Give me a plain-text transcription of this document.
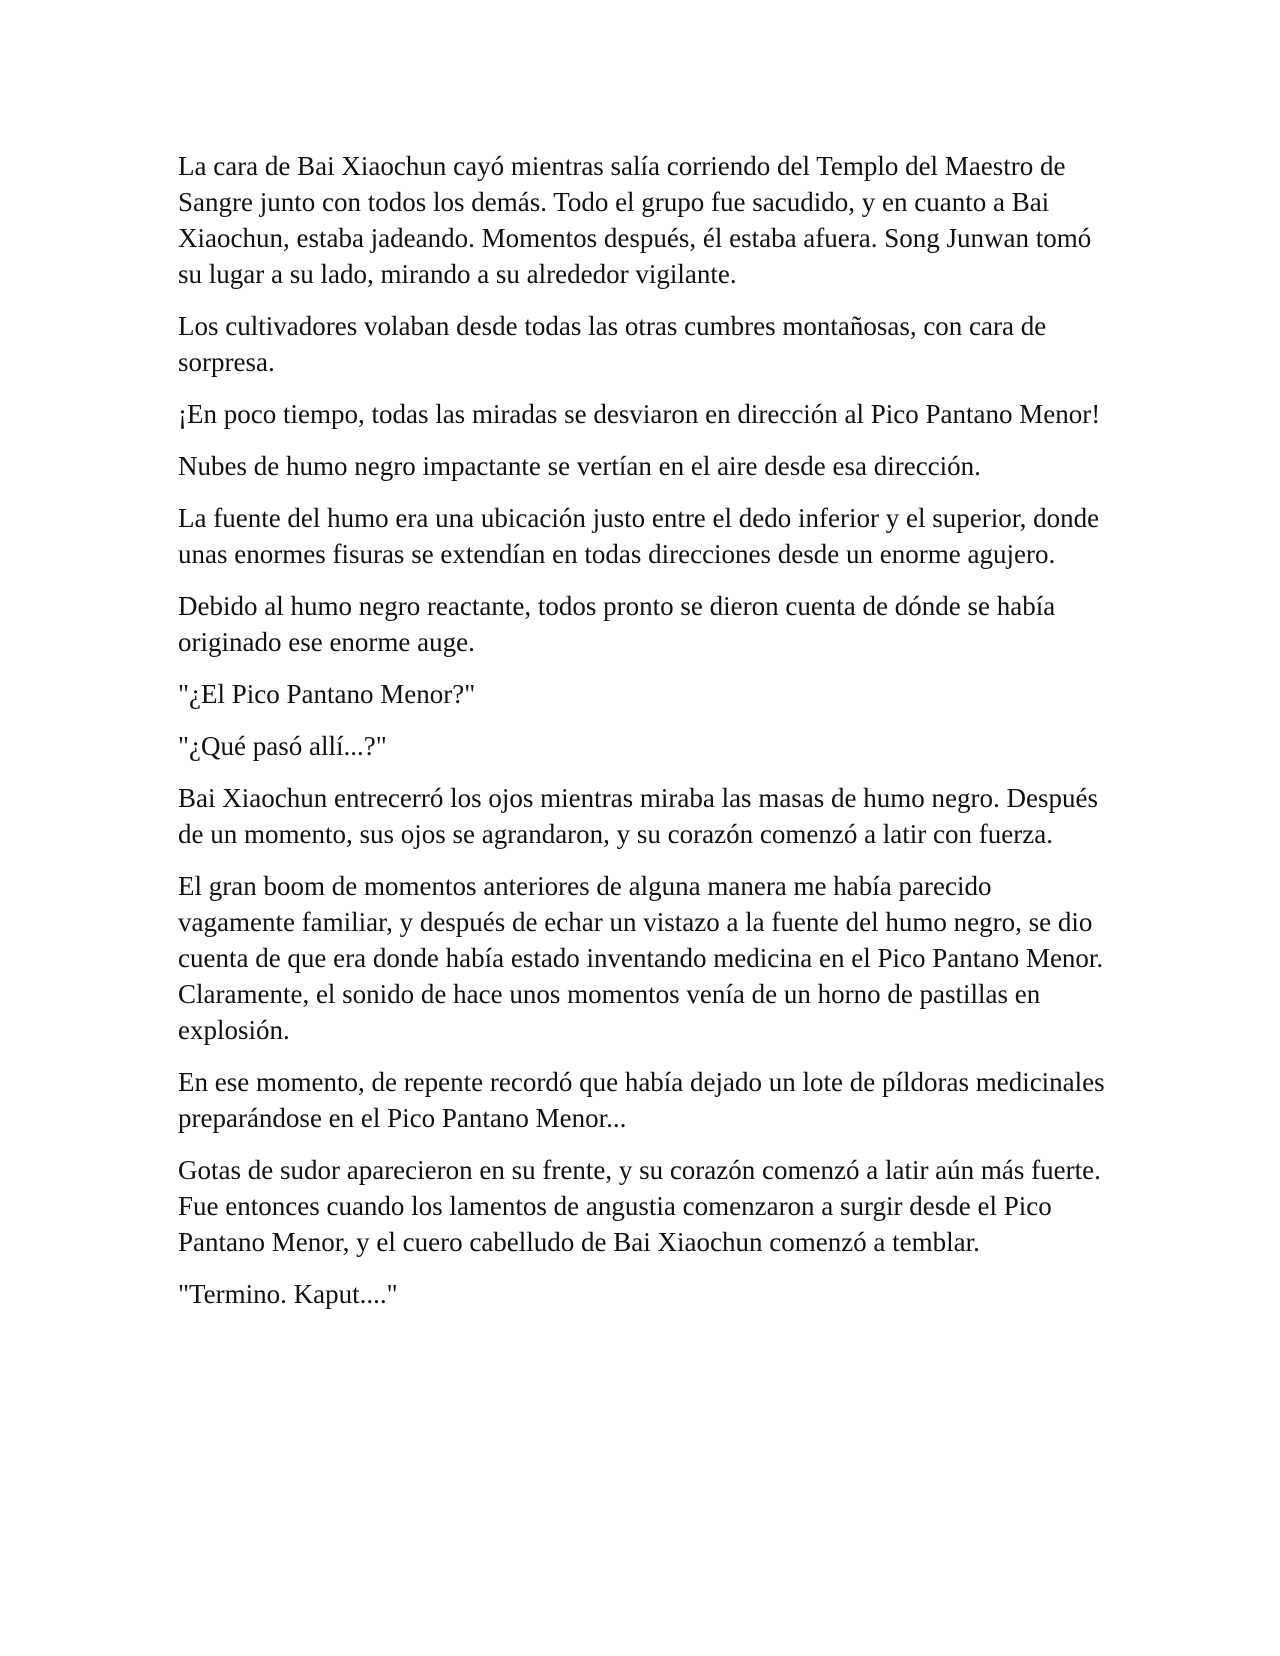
La cara de Bai Xiaochun cayó mientras salía corriendo del Templo del Maestro de Sangre junto con todos los demás. Todo el grupo fue sacudido, y en cuanto a Bai Xiaochun, estaba jadeando. Momentos después, él estaba afuera. Song Junwan tomó su lugar a su lado, mirando a su alrededor vigilante.

Los cultivadores volaban desde todas las otras cumbres montañosas, con cara de sorpresa.

¡En poco tiempo, todas las miradas se desviaron en dirección al Pico Pantano Menor!

Nubes de humo negro impactante se vertían en el aire desde esa dirección.

La fuente del humo era una ubicación justo entre el dedo inferior y el superior, donde unas enormes fisuras se extendían en todas direcciones desde un enorme agujero.

Debido al humo negro reactante, todos pronto se dieron cuenta de dónde se había originado ese enorme auge.

"¿El Pico Pantano Menor?"

"¿Qué pasó allí...?"

Bai Xiaochun entrecerró los ojos mientras miraba las masas de humo negro. Después de un momento, sus ojos se agrandaron, y su corazón comenzó a latir con fuerza.

El gran boom de momentos anteriores de alguna manera me había parecido vagamente familiar, y después de echar un vistazo a la fuente del humo negro, se dio cuenta de que era donde había estado inventando medicina en el Pico Pantano Menor. Claramente, el sonido de hace unos momentos venía de un horno de pastillas en explosión.

En ese momento, de repente recordó que había dejado un lote de píldoras medicinales preparándose en el Pico Pantano Menor...

Gotas de sudor aparecieron en su frente, y su corazón comenzó a latir aún más fuerte. Fue entonces cuando los lamentos de angustia comenzaron a surgir desde el Pico Pantano Menor, y el cuero cabelludo de Bai Xiaochun comenzó a temblar.

"Termino. Kaput...."
